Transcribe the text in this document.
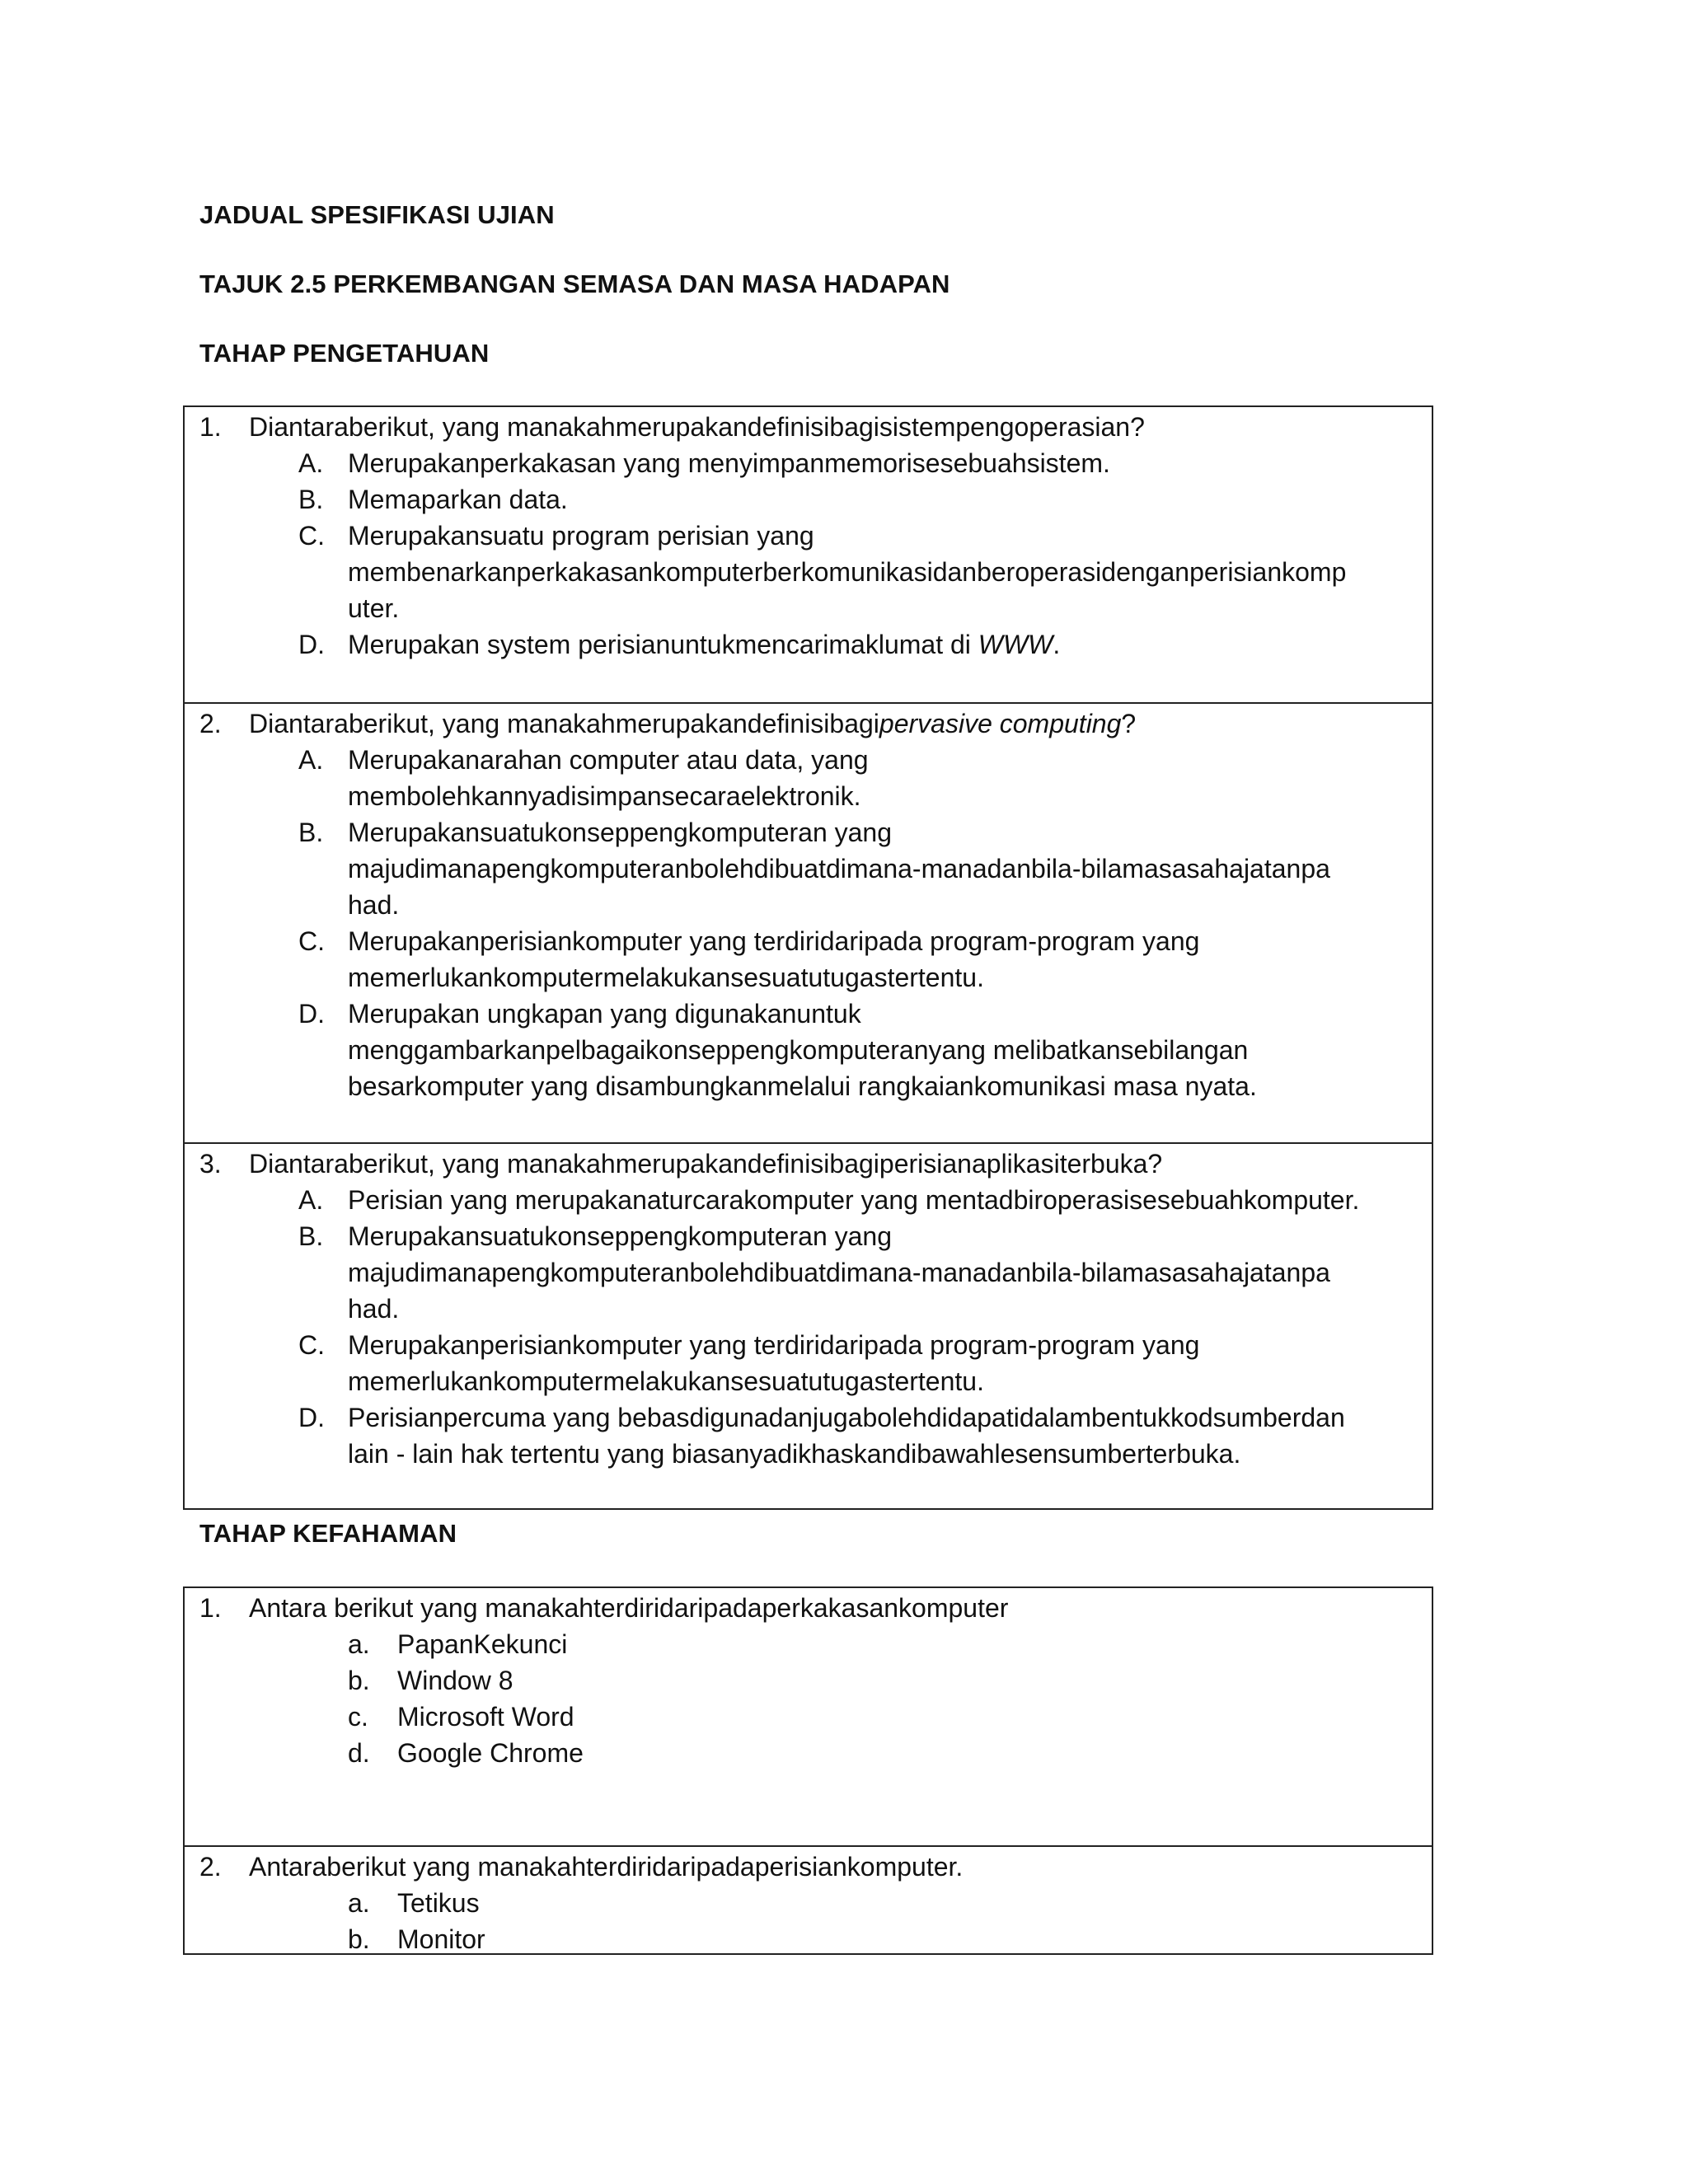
JADUAL SPESIFIKASI UJIAN
TAJUK 2.5 PERKEMBANGAN SEMASA DAN MASA HADAPAN
TAHAP PENGETAHUAN
1. Diantaraberikut, yang manakahmerupakandefinisibagisistempengoperasian?
A. Merupakanperkakasan yang menyimpanmemorisesebuahsistem.
B. Memaparkan data.
C. Merupakansuatu program perisian yang
membenarkanperkakasankomputerberkomunikasidanberoperasidenganperisiankomp
uter.
D. Merupakan system perisianuntukmencarimaklumat di WWW.
2. Diantaraberikut, yang manakahmerupakandefinisibagipervasive computing?
A. Merupakanarahan computer atau data, yang
membolehkannyadisimpansecaraelektronik.
B. Merupakansuatukonseppengkomputeran yang
majudimanapengkomputeranbolehdibuatdimana-manadanbila-bilamasasahajatanpa
had.
C. Merupakanperisiankomputer yang terdiridaripada program-program yang
memerlukankomputermelakukansesuatutugastertentu.
D. Merupakan ungkapan yang digunakanuntuk
menggambarkanpelbagaikonseppengkomputeranyang melibatkansebilangan
besarkomputer yang disambungkanmelalui rangkaiankomunikasi masa nyata.
3. Diantaraberikut, yang manakahmerupakandefinisibagiperisianaplikasiterbuka?
A. Perisian yang merupakanaturcarakomputer yang mentadbiroperasisesebuahkomputer.
B. Merupakansuatukonseppengkomputeran yang
majudimanapengkomputeranbolehdibuatdimana-manadanbila-bilamasasahajatanpa
had.
C. Merupakanperisiankomputer yang terdiridaripada program-program yang
memerlukankomputermelakukansesuatutugastertentu.
D. Perisianpercuma yang bebasdigunadanjugabolehdidapatidalambentukkodsumberdan
lain - lain hak tertentu yang biasanyadikhaskandibawahlesensumberterbuka.
TAHAP KEFAHAMAN
1. Antara berikut yang manakahterdiridaripadaperkakasankomputer
a. PapanKekunci
b. Window 8
c. Microsoft Word
d. Google Chrome
2. Antaraberikut yang manakahterdiridaripadaperisiankomputer.
a. Tetikus
b. Monitor
